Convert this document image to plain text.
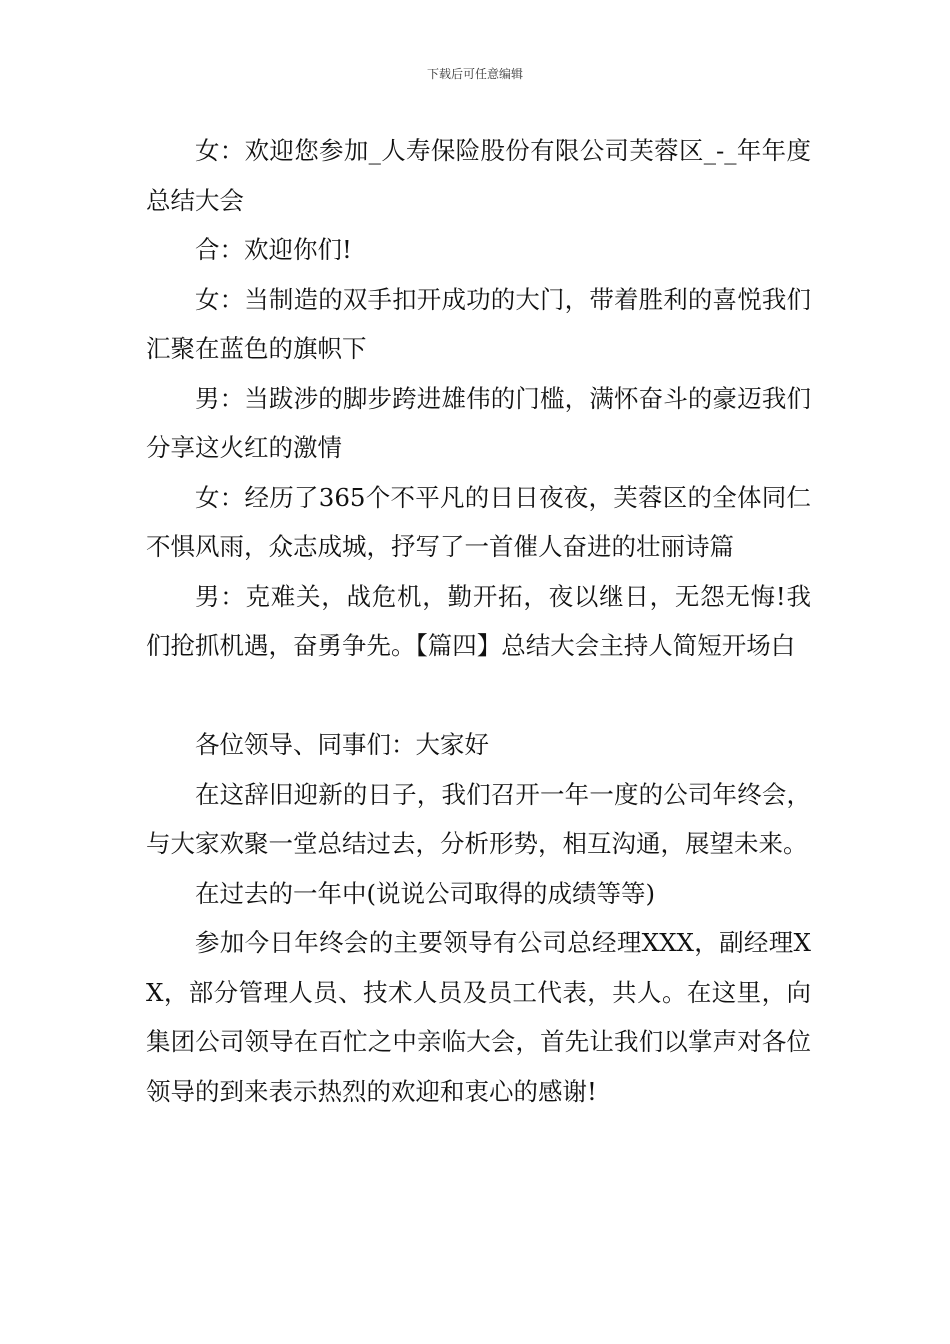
下载后可任意编辑

女：欢迎您参加_人寿保险股份有限公司芙蓉区_-_年年度总结大会

合：欢迎你们!

女：当制造的双手扣开成功的大门，带着胜利的喜悦我们汇聚在蓝色的旗帜下

男：当跋涉的脚步跨进雄伟的门槛，满怀奋斗的豪迈我们分享这火红的激情

女：经历了365个不平凡的日日夜夜，芙蓉区的全体同仁不惧风雨，众志成城，抒写了一首催人奋进的壮丽诗篇

男：克难关，战危机，勤开拓，夜以继日，无怨无悔!我们抢抓机遇，奋勇争先。【篇四】总结大会主持人简短开场白

各位领导、同事们：大家好

在这辞旧迎新的日子，我们召开一年一度的公司年终会，与大家欢聚一堂总结过去，分析形势，相互沟通，展望未来。

在过去的一年中(说说公司取得的成绩等等)

参加今日年终会的主要领导有公司总经理XXX，副经理XX，部分管理人员、技术人员及员工代表，共人。在这里，向集团公司领导在百忙之中亲临大会，首先让我们以掌声对各位领导的到来表示热烈的欢迎和衷心的感谢!
